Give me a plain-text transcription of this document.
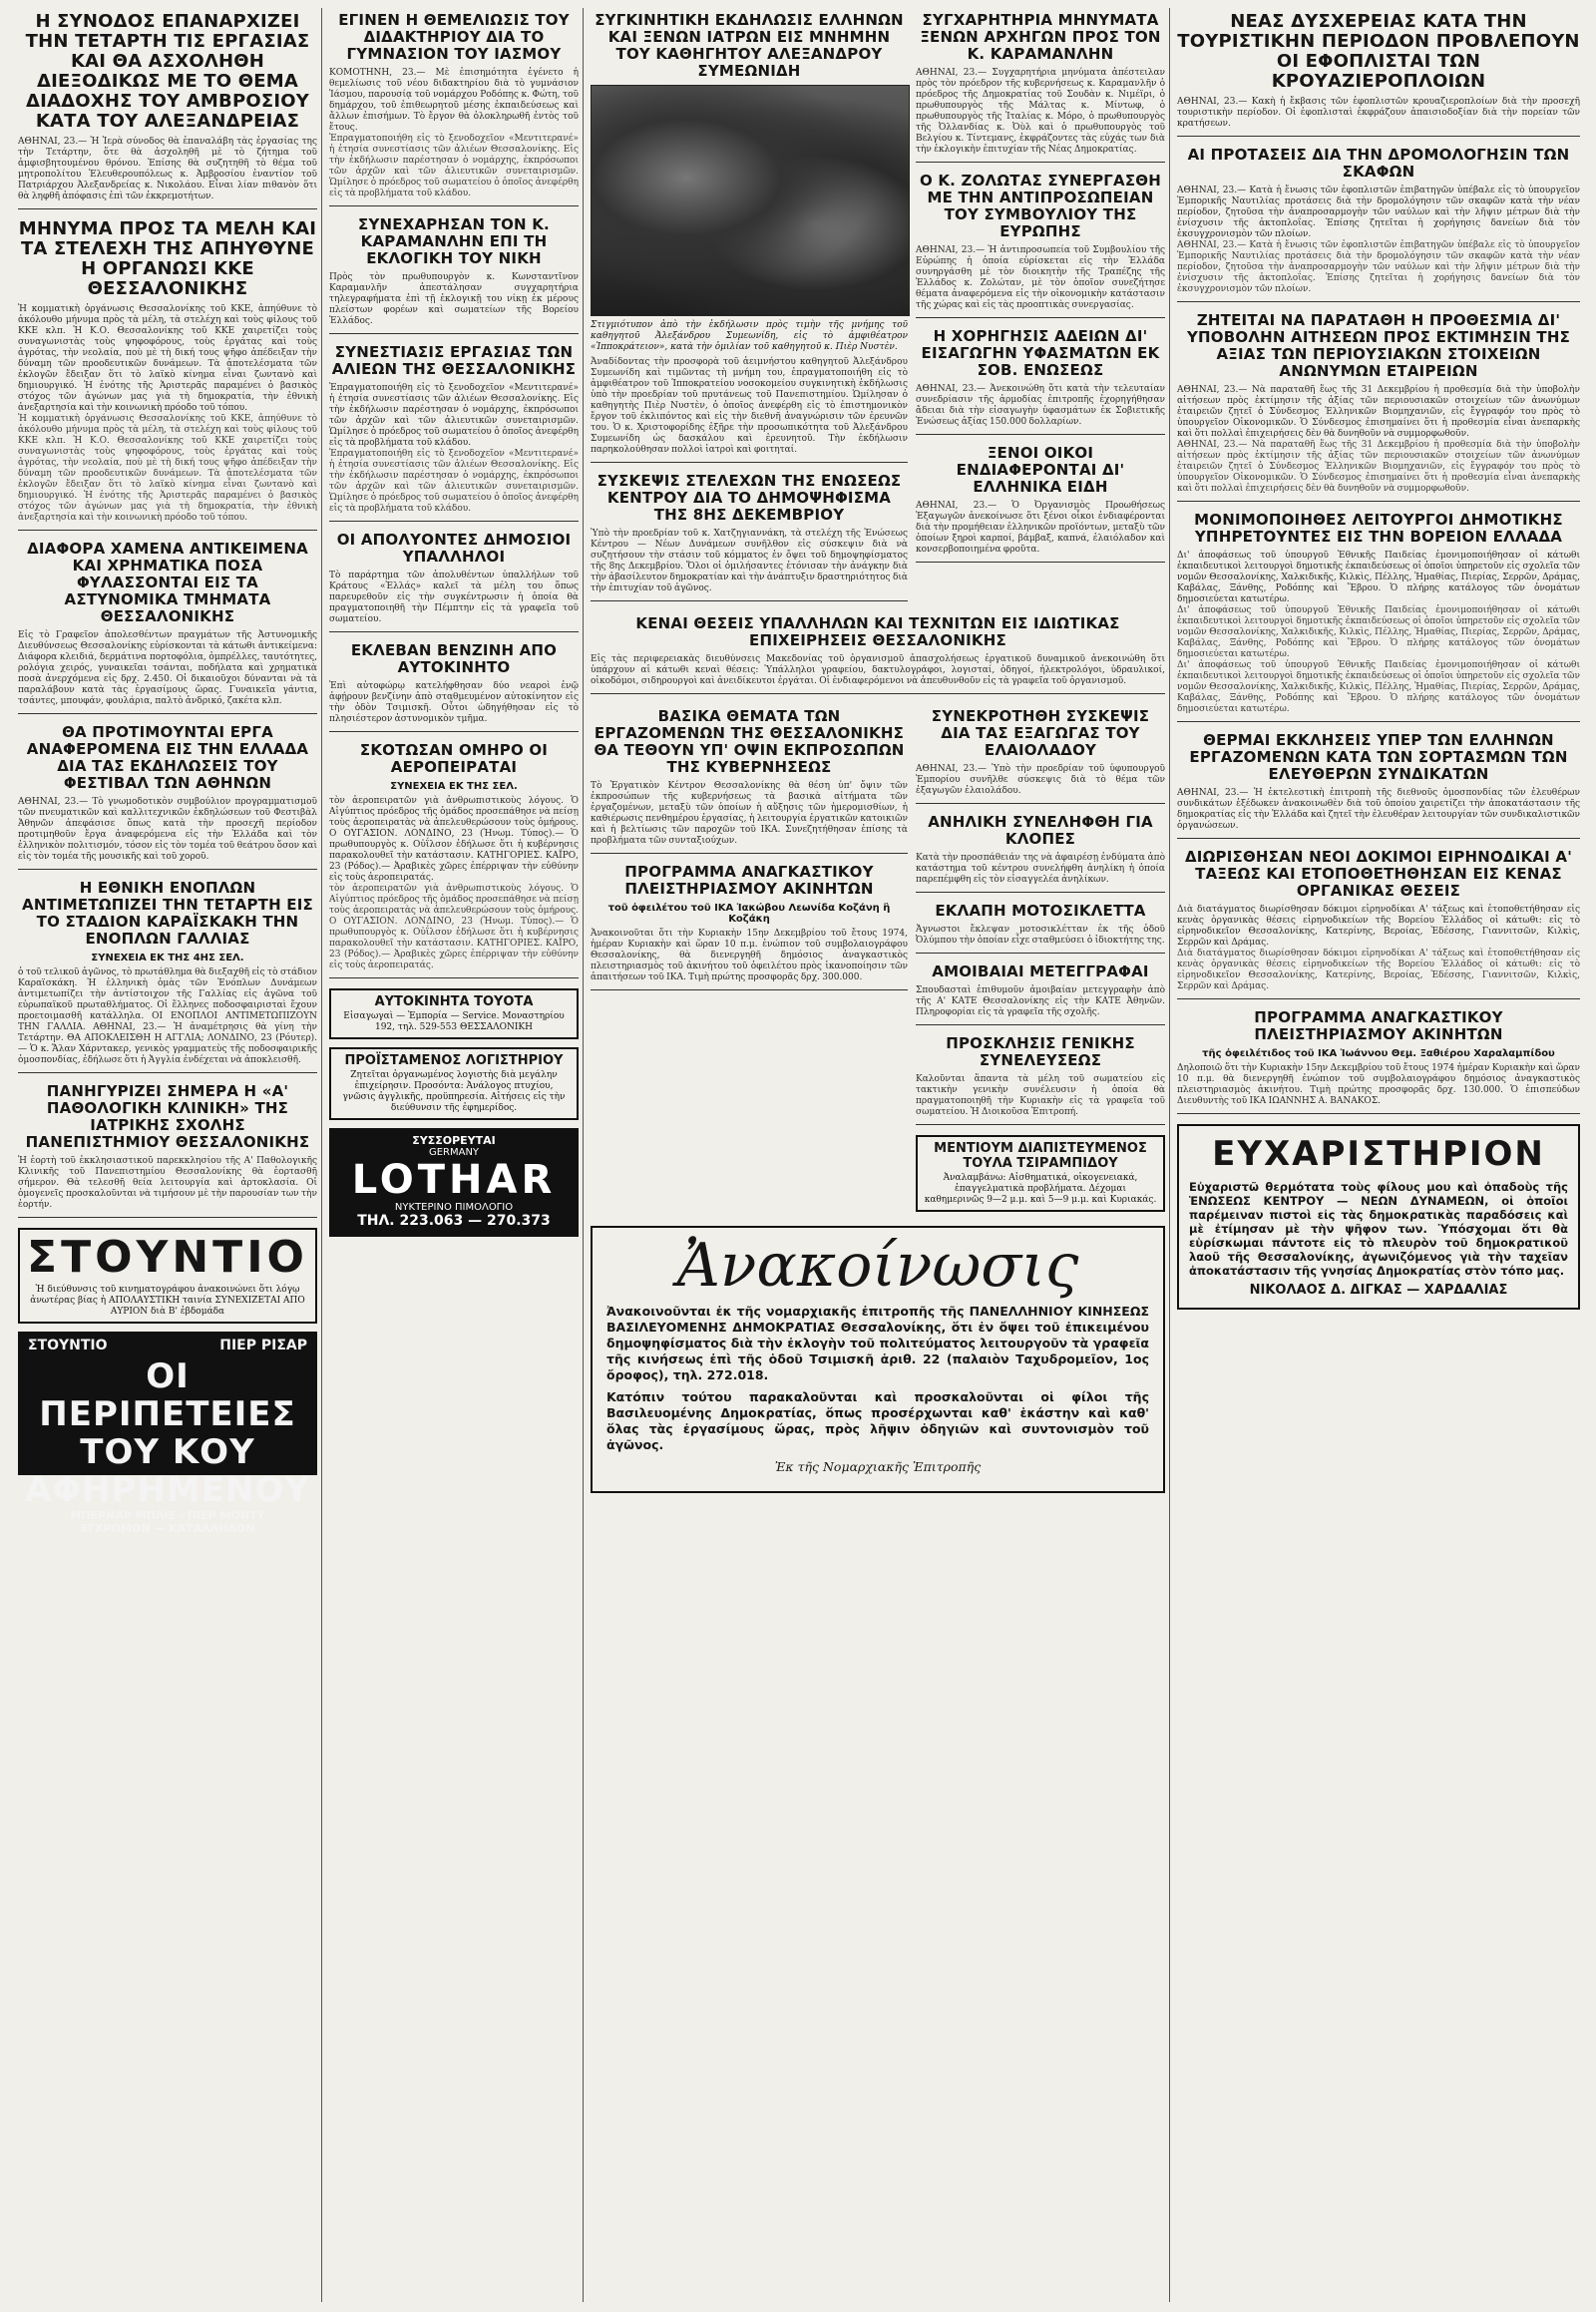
Η ΣΥΝΟΔΟΣ ΕΠΑΝΑΡΧΙΖΕΙ ΤΗΝ ΤΕΤΑΡΤΗ ΤΙΣ ΕΡΓΑΣΙΑΣ ΚΑΙ ΘΑ ΑΣΧΟΛΗΘΗ ΔΙΕΞΟΔΙΚΩΣ ΜΕ ΤΟ ΘΕΜΑ ΔΙΑΔΟΧΗΣ ΤΟΥ ΑΜΒΡΟΣΙΟΥ ΚΑΤΑ ΤΟΥ ΑΛΕΞΑΝΔΡΕΙΑΣ

ΑΘΗΝΑΙ, 23.— Ἡ Ἱερὰ σύνοδος θὰ ἐπαναλάβη τὰς ἐργασίας της τὴν Τετάρτην, ὅτε θὰ ἀσχοληθῆ μὲ τὸ ζήτημα τοῦ ἀμφισβητουμένου θρόνου. Ἐπίσης θὰ συζητηθῆ τὸ θέμα τοῦ μητροπολίτου Ἐλευθερουπόλεως κ. Ἀμβροσίου ἐναντίον τοῦ Πατριάρχου Ἀλεξανδρείας κ. Νικολάου. Εἶναι λίαν πιθανὸν ὅτι θὰ ληφθῆ ἀπόφασις ἐπὶ τῶν ἐκκρεμοτήτων.

ΜΗΝΥΜΑ ΠΡΟΣ ΤΑ ΜΕΛΗ ΚΑΙ ΤΑ ΣΤΕΛΕΧΗ ΤΗΣ ΑΠΗΥΘΥΝΕ Η ΟΡΓΑΝΩΣΙ ΚΚΕ ΘΕΣΣΑΛΟΝΙΚΗΣ

Ἡ κομματικὴ ὀργάνωσις Θεσσαλονίκης τοῦ ΚΚΕ, ἀπηύθυνε τὸ ἀκόλουθο μήνυμα πρὸς τὰ μέλη, τὰ στελέχη καὶ τοὺς φίλους τοῦ ΚΚΕ κλπ. Ἡ Κ.Ο. Θεσσαλονίκης τοῦ ΚΚΕ χαιρετίζει τοὺς συναγωνιστὰς τοὺς ψηφοφόρους, τοὺς ἐργάτας καὶ τοὺς ἀγρότας, τὴν νεολαία, ποὺ μὲ τὴ δική τους ψῆφο ἀπέδειξαν τὴν δύναμη τῶν προοδευτικῶν δυνάμεων. Τὰ ἀποτελέσματα τῶν ἐκλογῶν ἔδειξαν ὅτι τὸ λαϊκὸ κίνημα εἶναι ζωντανὸ καὶ δημιουργικό. Ἡ ἑνότης τῆς Ἀριστερᾶς παραμένει ὁ βασικὸς στόχος τῶν ἀγώνων μας γιὰ τὴ δημοκρατία, τὴν ἐθνικὴ ἀνεξαρτησία καὶ τὴν κοινωνικὴ πρόοδο τοῦ τόπου.

Ἡ κομματικὴ ὀργάνωσις Θεσσαλονίκης τοῦ ΚΚΕ, ἀπηύθυνε τὸ ἀκόλουθο μήνυμα πρὸς τὰ μέλη, τὰ στελέχη καὶ τοὺς φίλους τοῦ ΚΚΕ κλπ. Ἡ Κ.Ο. Θεσσαλονίκης τοῦ ΚΚΕ χαιρετίζει τοὺς συναγωνιστὰς τοὺς ψηφοφόρους, τοὺς ἐργάτας καὶ τοὺς ἀγρότας, τὴν νεολαία, ποὺ μὲ τὴ δική τους ψῆφο ἀπέδειξαν τὴν δύναμη τῶν προοδευτικῶν δυνάμεων. Τὰ ἀποτελέσματα τῶν ἐκλογῶν ἔδειξαν ὅτι τὸ λαϊκὸ κίνημα εἶναι ζωντανὸ καὶ δημιουργικό. Ἡ ἑνότης τῆς Ἀριστερᾶς παραμένει ὁ βασικὸς στόχος τῶν ἀγώνων μας γιὰ τὴ δημοκρατία, τὴν ἐθνικὴ ἀνεξαρτησία καὶ τὴν κοινωνικὴ πρόοδο τοῦ τόπου.

ΔΙΑΦΟΡΑ ΧΑΜΕΝΑ ΑΝΤΙΚΕΙΜΕΝΑ ΚΑΙ ΧΡΗΜΑΤΙΚΑ ΠΟΣΑ ΦΥΛΑΣΣΟΝΤΑΙ ΕΙΣ ΤΑ ΑΣΤΥΝΟΜΙΚΑ ΤΜΗΜΑΤΑ ΘΕΣΣΑΛΟΝΙΚΗΣ

Εἰς τὸ Γραφεῖον ἀπολεσθέντων πραγμάτων τῆς Ἀστυνομικῆς Διευθύνσεως Θεσσαλονίκης εὑρίσκονται τὰ κάτωθι ἀντικείμενα: Διάφορα κλειδιά, δερμάτινα πορτοφόλια, ὀμπρέλλες, ταυτότητες, ρολόγια χειρός, γυναικεῖαι τσάνται, ποδήλατα καὶ χρηματικὰ ποσὰ ἀνερχόμενα εἰς δρχ. 2.450. Οἱ δικαιοῦχοι δύνανται νὰ τὰ παραλάβουν κατὰ τὰς ἐργασίμους ὥρας. Γυναικεῖα γάντια, τσάντες, μπουφάν, φουλάρια, παλτὸ ἀνδρικό, ζακέτα κλπ.

ΘΑ ΠΡΟΤΙΜΟΥΝΤΑΙ ΕΡΓΑ ΑΝΑΦΕΡΟΜΕΝΑ ΕΙΣ ΤΗΝ ΕΛΛΑΔΑ ΔΙΑ ΤΑΣ ΕΚΔΗΛΩΣΕΙΣ ΤΟΥ ΦΕΣΤΙΒΑΛ ΤΩΝ ΑΘΗΝΩΝ

ΑΘΗΝΑΙ, 23.— Τὸ γνωμοδοτικὸν συμβούλιον προγραμματισμοῦ τῶν πνευματικῶν καὶ καλλιτεχνικῶν ἐκδηλώσεων τοῦ Φεστιβὰλ Ἀθηνῶν ἀπεφάσισε ὅπως κατὰ τὴν προσεχῆ περίοδον προτιμηθοῦν ἔργα ἀναφερόμενα εἰς τὴν Ἑλλάδα καὶ τὸν ἑλληνικὸν πολιτισμόν, τόσον εἰς τὸν τομέα τοῦ θεάτρου ὅσον καὶ εἰς τὸν τομέα τῆς μουσικῆς καὶ τοῦ χοροῦ.

Η ΕΘΝΙΚΗ ΕΝΟΠΛΩΝ ΑΝΤΙΜΕΤΩΠΙΖΕΙ ΤΗΝ ΤΕΤΑΡΤΗ ΕΙΣ ΤΟ ΣΤΑΔΙΟΝ ΚΑΡΑΪΣΚΑΚΗ ΤΗΝ ΕΝΟΠΛΩΝ ΓΑΛΛΙΑΣ
ΣΥΝΕΧΕΙΑ ΕΚ ΤΗΣ 4ΗΣ ΣΕΛ.

ὁ τοῦ τελικοῦ ἀγῶνος, τὸ πρωτάθλημα θὰ διεξαχθῆ εἰς τὸ στάδιον Καραϊσκάκη. Ἡ ἑλληνικὴ ὁμὰς τῶν Ἐνόπλων Δυνάμεων ἀντιμετωπίζει τὴν ἀντίστοιχον τῆς Γαλλίας εἰς ἀγῶνα τοῦ εὐρωπαϊκοῦ πρωταθλήματος. Οἱ ἕλληνες ποδοσφαιρισταὶ ἔχουν προετοιμασθῆ κατάλληλα. ΟΙ ΕΝΟΠΛΟΙ ΑΝΤΙΜΕΤΩΠΙΖΟΥΝ ΤΗΝ ΓΑΛΛΙΑ. ΑΘΗΝΑΙ, 23.— Ἡ ἀναμέτρησις θὰ γίνη τὴν Τετάρτην. ΘΑ ΑΠΟΚΛΕΙΣΘΗ Η ΑΓΓΛΙΑ; ΛΟΝΔΙΝΟ, 23 (Ρόυτερ).— Ὁ κ. Ἄλαν Χάρντακερ, γενικὸς γραμματεὺς τῆς ποδοσφαιρικῆς ὁμοσπονδίας, ἐδήλωσε ὅτι ἡ Ἀγγλία ἐνδέχεται νὰ ἀποκλεισθῆ.

ΠΑΝΗΓΥΡΙΖΕΙ ΣΗΜΕΡΑ Η «Α' ΠΑΘΟΛΟΓΙΚΗ ΚΛΙΝΙΚΗ» ΤΗΣ ΙΑΤΡΙΚΗΣ ΣΧΟΛΗΣ ΠΑΝΕΠΙΣΤΗΜΙΟΥ ΘΕΣΣΑΛΟΝΙΚΗΣ

Ἡ ἑορτὴ τοῦ ἐκκλησιαστικοῦ παρεκκλησίου τῆς Α' Παθολογικῆς Κλινικῆς τοῦ Πανεπιστημίου Θεσσαλονίκης θὰ ἑορτασθῆ σήμερον. Θὰ τελεσθῆ θεία λειτουργία καὶ ἀρτοκλασία. Οἱ ὁμογενεῖς προσκαλοῦνται νὰ τιμήσουν μὲ τὴν παρουσίαν των τὴν ἑορτήν.

ΣΤΟΥΝΤΙΟ
Ἡ διεύθυνσις τοῦ κινηματογράφου ἀνακοινώνει ὅτι λόγῳ ἀνωτέρας βίας ἡ ΑΠΟΛΑΥΣΤΙΚΗ ταινία ΣΥΝΕΧΙΖΕΤΑΙ ΑΠΟ ΑΥΡΙΟΝ διὰ Β' ἑβδομάδα
ΣΤΟΥΝΤΙΟ	ΠΙΕΡ ΡΙΣΑΡ
ΟΙ ΠΕΡΙΠΕΤΕΙΕΣ ΤΟΥ ΚΟΥ ΑΦΗΡΗΜΕΝΟΥ
ΜΠΕΡΝΑΡ ΜΠΛΙΕ · ΠΙΕΡ ΜΟΝΤΥ
ΕΓΧΡΩΜΟΝ — ΚΑΤΑΛΛΗΛΟΝ
ΕΓΙΝΕΝ Η ΘΕΜΕΛΙΩΣΙΣ ΤΟΥ ΔΙΔΑΚΤΗΡΙΟΥ ΔΙΑ ΤΟ ΓΥΜΝΑΣΙΟΝ ΤΟΥ ΙΑΣΜΟΥ

ΚΟΜΟΤΗΝΗ, 23.— Μὲ ἐπισημότητα ἐγένετο ἡ θεμελίωσις τοῦ νέου διδακτηρίου διὰ τὸ γυμνάσιον Ἰάσμου, παρουσίᾳ τοῦ νομάρχου Ροδόπης κ. Φώτη, τοῦ δημάρχου, τοῦ ἐπιθεωρητοῦ μέσης ἐκπαιδεύσεως καὶ ἄλλων ἐπισήμων. Τὸ ἔργον θὰ ὁλοκληρωθῆ ἐντὸς τοῦ ἔτους.

Ἐπραγματοποιήθη εἰς τὸ ξενοδοχεῖον «Μεντιτερανέ» ἡ ἐτησία συνεστίασις τῶν ἁλιέων Θεσσαλονίκης. Εἰς τὴν ἐκδήλωσιν παρέστησαν ὁ νομάρχης, ἐκπρόσωποι τῶν ἀρχῶν καὶ τῶν ἁλιευτικῶν συνεταιρισμῶν. Ὡμίλησε ὁ πρόεδρος τοῦ σωματείου ὁ ὁποῖος ἀνεφέρθη εἰς τὰ προβλήματα τοῦ κλάδου.

ΣΥΝΕΧΑΡΗΣΑΝ ΤΟΝ Κ. ΚΑΡΑΜΑΝΛΗΝ ΕΠΙ ΤΗ ΕΚΛΟΓΙΚΗ ΤΟΥ ΝΙΚΗ

Πρὸς τὸν πρωθυπουργὸν κ. Κωνσταντῖνον Καραμανλῆν ἀπεστάλησαν συγχαρητήρια τηλεγραφήματα ἐπὶ τῇ ἐκλογικῇ του νίκῃ ἐκ μέρους πλείστων φορέων καὶ σωματείων τῆς Βορείου Ἑλλάδος.

ΣΥΝΕΣΤΙΑΣΙΣ ΕΡΓΑΣΙΑΣ ΤΩΝ ΑΛΙΕΩΝ ΤΗΣ ΘΕΣΣΑΛΟΝΙΚΗΣ

Ἐπραγματοποιήθη εἰς τὸ ξενοδοχεῖον «Μεντιτερανέ» ἡ ἐτησία συνεστίασις τῶν ἁλιέων Θεσσαλονίκης. Εἰς τὴν ἐκδήλωσιν παρέστησαν ὁ νομάρχης, ἐκπρόσωποι τῶν ἀρχῶν καὶ τῶν ἁλιευτικῶν συνεταιρισμῶν. Ὡμίλησε ὁ πρόεδρος τοῦ σωματείου ὁ ὁποῖος ἀνεφέρθη εἰς τὰ προβλήματα τοῦ κλάδου.

Ἐπραγματοποιήθη εἰς τὸ ξενοδοχεῖον «Μεντιτερανέ» ἡ ἐτησία συνεστίασις τῶν ἁλιέων Θεσσαλονίκης. Εἰς τὴν ἐκδήλωσιν παρέστησαν ὁ νομάρχης, ἐκπρόσωποι τῶν ἀρχῶν καὶ τῶν ἁλιευτικῶν συνεταιρισμῶν. Ὡμίλησε ὁ πρόεδρος τοῦ σωματείου ὁ ὁποῖος ἀνεφέρθη εἰς τὰ προβλήματα τοῦ κλάδου.

ΟΙ ΑΠΟΛΥΟΝΤΕΣ ΔΗΜΟΣΙΟΙ ΥΠΑΛΛΗΛΟΙ

Τὸ παράρτημα τῶν ἀπολυθέντων ὑπαλλήλων τοῦ Κράτους «Ἑλλάς» καλεῖ τὰ μέλη του ὅπως παρευρεθοῦν εἰς τὴν συγκέντρωσιν ἡ ὁποία θὰ πραγματοποιηθῆ τὴν Πέμπτην εἰς τὰ γραφεῖα τοῦ σωματείου.

ΕΚΛΕΒΑΝ ΒΕΝΖΙΝΗ ΑΠΟ ΑΥΤΟΚΙΝΗΤΟ

Ἐπὶ αὐτοφώρῳ κατελήφθησαν δύο νεαροὶ ἐνῷ ἀφῄρουν βενζίνην ἀπὸ σταθμευμένον αὐτοκίνητον εἰς τὴν ὁδὸν Τσιμισκῆ. Οὗτοι ὡδηγήθησαν εἰς τὸ πλησιέστερον ἀστυνομικὸν τμῆμα.

ΣΚΟΤΩΣΑΝ ΟΜΗΡΟ ΟΙ ΑΕΡΟΠΕΙΡΑΤΑΙ
ΣΥΝΕΧΕΙΑ ΕΚ ΤΗΣ ΣΕΛ.

τὸν ἀεροπειρατῶν γιὰ ἀνθρωπιστικοὺς λόγους. Ὁ Αἰγύπτιος πρόεδρος τῆς ὁμάδος προσεπάθησε νὰ πείσῃ τοὺς ἀεροπειρατὰς νὰ ἀπελευθερώσουν τοὺς ὁμήρους. Ο ΟΥΓΑΣΙΟΝ. ΛΟΝΔΙΝΟ, 23 (Ἡνωμ. Τύπος).— Ὁ πρωθυπουργὸς κ. Οὐΐλσον ἐδήλωσε ὅτι ἡ κυβέρνησις παρακολουθεῖ τὴν κατάστασιν. ΚΑΤΗΓΟΡΙΕΣ. ΚΑΪΡΟ, 23 (Ρόδος).— Ἀραβικὲς χῶρες ἐπέρριψαν τὴν εὐθύνην εἰς τοὺς ἀεροπειρατάς.

τὸν ἀεροπειρατῶν γιὰ ἀνθρωπιστικοὺς λόγους. Ὁ Αἰγύπτιος πρόεδρος τῆς ὁμάδος προσεπάθησε νὰ πείσῃ τοὺς ἀεροπειρατὰς νὰ ἀπελευθερώσουν τοὺς ὁμήρους. Ο ΟΥΓΑΣΙΟΝ. ΛΟΝΔΙΝΟ, 23 (Ἡνωμ. Τύπος).— Ὁ πρωθυπουργὸς κ. Οὐΐλσον ἐδήλωσε ὅτι ἡ κυβέρνησις παρακολουθεῖ τὴν κατάστασιν. ΚΑΤΗΓΟΡΙΕΣ. ΚΑΪΡΟ, 23 (Ρόδος).— Ἀραβικὲς χῶρες ἐπέρριψαν τὴν εὐθύνην εἰς τοὺς ἀεροπειρατάς.

ΑΥΤΟΚΙΝΗΤΑ ΤΟΥΟΤΑ
Εἰσαγωγαὶ — Ἐμπορία — Service. Μοναστηρίου 192, τηλ. 529-553 ΘΕΣΣΑΛΟΝΙΚΗ
ΠΡΟΪΣΤΑΜΕΝΟΣ ΛΟΓΙΣΤΗΡΙΟΥ
Ζητεῖται ὀργανωμένος λογιστὴς διὰ μεγάλην ἐπιχείρησιν. Προσόντα: Ἀνάλογος πτυχίου, γνῶσις ἀγγλικῆς, προϋπηρεσία. Αἰτήσεις εἰς τὴν διεύθυνσιν τῆς ἐφημερίδος.
ΣΥΣΣΟΡΕΥΤΑΙ
GERMANY
LOTHAR
ΝΥΚΤΕΡΙΝΟ ΠΙΜΟΛΟΓΙΟ
ΤΗΛ. 223.063 — 270.373
ΣΥΓΚΙΝΗΤΙΚΗ ΕΚΔΗΛΩΣΙΣ ΕΛΛΗΝΩΝ ΚΑΙ ΞΕΝΩΝ ΙΑΤΡΩΝ ΕΙΣ ΜΝΗΜΗΝ ΤΟΥ ΚΑΘΗΓΗΤΟΥ ΑΛΕΞΑΝΔΡΟΥ ΣΥΜΕΩΝΙΔΗ

Στιγμιότυπον ἀπὸ τὴν ἐκδήλωσιν πρὸς τιμὴν τῆς μνήμης τοῦ καθηγητοῦ Ἀλεξάνδρου Συμεωνίδη, εἰς τὸ ἀμφιθέατρον «Ἱπποκράτειον», κατὰ τὴν ὁμιλίαν τοῦ καθηγητοῦ κ. Πιὲρ Νυστὲν.

Ἀναδίδοντας τὴν προσφορὰ τοῦ ἀειμνήστου καθηγητοῦ Ἀλεξάνδρου Συμεωνίδη καὶ τιμῶντας τὴ μνήμη του, ἐπραγματοποιήθη εἰς τὸ ἀμφιθέατρον τοῦ Ἱπποκρατείου νοσοκομείου συγκινητικὴ ἐκδήλωσις ὑπὸ τὴν προεδρίαν τοῦ πρυτάνεως τοῦ Πανεπιστημίου. Ὡμίλησαν ὁ καθηγητὴς Πιὲρ Νυστὲν, ὁ ὁποῖος ἀνεφέρθη εἰς τὸ ἐπιστημονικὸν ἔργον τοῦ ἐκλιπόντος καὶ εἰς τὴν διεθνῆ ἀναγνώρισιν τῶν ἐρευνῶν του. Ὁ κ. Χριστοφορίδης ἐξῆρε τὴν προσωπικότητα τοῦ Ἀλεξάνδρου Συμεωνίδη ὡς δασκάλου καὶ ἐρευνητοῦ. Τὴν ἐκδήλωσιν παρηκολούθησαν πολλοὶ ἰατροὶ καὶ φοιτηταί.

ΣΥΣΚΕΨΙΣ ΣΤΕΛΕΧΩΝ ΤΗΣ ΕΝΩΣΕΩΣ ΚΕΝΤΡΟΥ ΔΙΑ ΤΟ ΔΗΜΟΨΗΦΙΣΜΑ ΤΗΣ 8ΗΣ ΔΕΚΕΜΒΡΙΟΥ

Ὑπὸ τὴν προεδρίαν τοῦ κ. Χατζηγιαννάκη, τὰ στελέχη τῆς Ἑνώσεως Κέντρου — Νέων Δυνάμεων συνῆλθον εἰς σύσκεψιν διὰ νὰ συζητήσουν τὴν στάσιν τοῦ κόμματος ἐν ὄψει τοῦ δημοψηφίσματος τῆς 8ης Δεκεμβρίου. Ὅλοι οἱ ὁμιλήσαντες ἐτόνισαν τὴν ἀνάγκην διὰ τὴν ἀβασίλευτον δημοκρατίαν καὶ τὴν ἀνάπτυξιν δραστηριότητος διὰ τὴν ἐπιτυχίαν τοῦ ἀγῶνος.

ΣΥΓΧΑΡΗΤΗΡΙΑ ΜΗΝΥΜΑΤΑ ΞΕΝΩΝ ΑΡΧΗΓΩΝ ΠΡΟΣ ΤΟΝ Κ. ΚΑΡΑΜΑΝΛΗΝ

ΑΘΗΝΑΙ, 23.— Συγχαρητήρια μηνύματα ἀπέστειλαν πρὸς τὸν πρόεδρον τῆς κυβερνήσεως κ. Καραμανλῆν ὁ πρόεδρος τῆς Δημοκρατίας τοῦ Σουδὰν κ. Νιμέϊρι, ὁ πρωθυπουργὸς τῆς Μάλτας κ. Μίντωφ, ὁ πρωθυπουργὸς τῆς Ἰταλίας κ. Μόρο, ὁ πρωθυπουργὸς τῆς Ὀλλανδίας κ. Ὀὺλ καὶ ὁ πρωθυπουργὸς τοῦ Βελγίου κ. Τίντεμανς, ἐκφράζοντες τὰς εὐχάς των διὰ τὴν ἐκλογικὴν ἐπιτυχίαν τῆς Νέας Δημοκρατίας.

Ο Κ. ΖΟΛΩΤΑΣ ΣΥΝΕΡΓΑΣΘΗ ΜΕ ΤΗΝ ΑΝΤΙΠΡΟΣΩΠΕΙΑΝ ΤΟΥ ΣΥΜΒΟΥΛΙΟΥ ΤΗΣ ΕΥΡΩΠΗΣ

ΑΘΗΝΑΙ, 23.— Ἡ ἀντιπροσωπεία τοῦ Συμβουλίου τῆς Εὐρώπης ἡ ὁποία εὑρίσκεται εἰς τὴν Ἑλλάδα συνηργάσθη μὲ τὸν διοικητὴν τῆς Τραπέζης τῆς Ἑλλάδος κ. Ζολώταν, μὲ τὸν ὁποῖον συνεζήτησε θέματα ἀναφερόμενα εἰς τὴν οἰκονομικὴν κατάστασιν τῆς χώρας καὶ εἰς τὰς προοπτικὰς συνεργασίας.

Η ΧΟΡΗΓΗΣΙΣ ΑΔΕΙΩΝ ΔΙ' ΕΙΣΑΓΩΓΗΝ ΥΦΑΣΜΑΤΩΝ ΕΚ ΣΟΒ. ΕΝΩΣΕΩΣ

ΑΘΗΝΑΙ, 23.— Ἀνεκοινώθη ὅτι κατὰ τὴν τελευταίαν συνεδρίασιν τῆς ἁρμοδίας ἐπιτροπῆς ἐχορηγήθησαν ἄδειαι διὰ τὴν εἰσαγωγὴν ὑφασμάτων ἐκ Σοβιετικῆς Ἑνώσεως ἀξίας 150.000 δολλαρίων.

ΞΕΝΟΙ ΟΙΚΟΙ ΕΝΔΙΑΦΕΡΟΝΤΑΙ ΔΙ' ΕΛΛΗΝΙΚΑ ΕΙΔΗ

ΑΘΗΝΑΙ, 23.— Ὁ Ὀργανισμὸς Προωθήσεως Ἐξαγωγῶν ἀνεκοίνωσε ὅτι ξένοι οἶκοι ἐνδιαφέρονται διὰ τὴν προμήθειαν ἑλληνικῶν προϊόντων, μεταξὺ τῶν ὁποίων ξηροὶ καρποί, βάμβαξ, καπνά, ἐλαιόλαδον καὶ κονσερβοποιημένα φροῦτα.

ΚΕΝΑΙ ΘΕΣΕΙΣ ΥΠΑΛΛΗΛΩΝ ΚΑΙ ΤΕΧΝΙΤΩΝ ΕΙΣ ΙΔΙΩΤΙΚΑΣ ΕΠΙΧΕΙΡΗΣΕΙΣ ΘΕΣΣΑΛΟΝΙΚΗΣ

Εἰς τὰς περιφερειακὰς διευθύνσεις Μακεδονίας τοῦ ὀργανισμοῦ ἀπασχολήσεως ἐργατικοῦ δυναμικοῦ ἀνεκοινώθη ὅτι ὑπάρχουν αἱ κάτωθι κεναὶ θέσεις: Ὑπάλληλοι γραφείου, δακτυλογράφοι, λογισταί, ὀδηγοί, ἠλεκτρολόγοι, ὑδραυλικοί, οἰκοδόμοι, σιδηρουργοὶ καὶ ἀνειδίκευτοι ἐργάται. Οἱ ἐνδιαφερόμενοι νὰ ἀπευθυνθοῦν εἰς τὰ γραφεῖα τοῦ ὀργανισμοῦ.

ΒΑΣΙΚΑ ΘΕΜΑΤΑ ΤΩΝ ΕΡΓΑΖΟΜΕΝΩΝ ΤΗΣ ΘΕΣΣΑΛΟΝΙΚΗΣ ΘΑ ΤΕΘΟΥΝ ΥΠ' ΟΨΙΝ ΕΚΠΡΟΣΩΠΩΝ ΤΗΣ ΚΥΒΕΡΝΗΣΕΩΣ

Τὸ Ἐργατικὸν Κέντρον Θεσσαλονίκης θὰ θέση ὑπ' ὄψιν τῶν ἐκπροσώπων τῆς κυβερνήσεως τὰ βασικὰ αἰτήματα τῶν ἐργαζομένων, μεταξὺ τῶν ὁποίων ἡ αὔξησις τῶν ἡμερομισθίων, ἡ καθιέρωσις πενθημέρου ἐργασίας, ἡ λειτουργία ἐργατικῶν κατοικιῶν καὶ ἡ βελτίωσις τῶν παροχῶν τοῦ ΙΚΑ. Συνεζητήθησαν ἐπίσης τὰ προβλήματα τῶν συνταξιούχων.

ΠΡΟΓΡΑΜΜΑ ΑΝΑΓΚΑΣΤΙΚΟΥ ΠΛΕΙΣΤΗΡΙΑΣΜΟΥ ΑΚΙΝΗΤΩΝ
τοῦ ὀφειλέτου τοῦ ΙΚΑ Ἰακώβου Λεωνίδα Κοζάνη ἢ Κοζάκη

Ἀνακοινοῦται ὅτι τὴν Κυριακὴν 15ην Δεκεμβρίου τοῦ ἔτους 1974, ἡμέραν Κυριακὴν καὶ ὥραν 10 π.μ. ἐνώπιον τοῦ συμβολαιογράφου Θεσσαλονίκης, θὰ διενεργηθῆ δημόσιος ἀναγκαστικὸς πλειστηριασμὸς τοῦ ἀκινήτου τοῦ ὀφειλέτου πρὸς ἱκανοποίησιν τῶν ἀπαιτήσεων τοῦ ΙΚΑ. Τιμὴ πρώτης προσφορᾶς δρχ. 300.000.

ΣΥΝΕΚΡΟΤΗΘΗ ΣΥΣΚΕΨΙΣ ΔΙΑ ΤΑΣ ΕΞΑΓΩΓΑΣ ΤΟΥ ΕΛΑΙΟΛΑΔΟΥ

ΑΘΗΝΑΙ, 23.— Ὑπὸ τὴν προεδρίαν τοῦ ὑφυπουργοῦ Ἐμπορίου συνῆλθε σύσκεψις διὰ τὸ θέμα τῶν ἐξαγωγῶν ἐλαιολάδου.

ΑΝΗΛΙΚΗ ΣΥΝΕΛΗΦΘΗ ΓΙΑ ΚΛΟΠΕΣ

Κατὰ τὴν προσπάθειάν της νὰ ἀφαιρέσῃ ἐνδύματα ἀπὸ κατάστημα τοῦ κέντρου συνελήφθη ἀνηλίκη ἡ ὁποία παρεπέμφθη εἰς τὸν εἰσαγγελέα ἀνηλίκων.

ΕΚΛΑΠΗ ΜΟΤΟΣΙΚΛΕΤΤΑ

Ἀγνωστοι ἔκλεψαν μοτοσικλέτταν ἐκ τῆς ὁδοῦ Ὀλύμπου τὴν ὁποίαν εἶχε σταθμεύσει ὁ ἰδιοκτήτης της.

ΑΜΟΙΒΑΙΑΙ ΜΕΤΕΓΓΡΑΦΑΙ

Σπουδασταὶ ἐπιθυμοῦν ἀμοιβαίαν μετεγγραφὴν ἀπὸ τῆς Α' ΚΑΤΕ Θεσσαλονίκης εἰς τὴν ΚΑΤΕ Ἀθηνῶν. Πληροφορίαι εἰς τὰ γραφεῖα τῆς σχολῆς.

ΠΡΟΣΚΛΗΣΙΣ ΓΕΝΙΚΗΣ ΣΥΝΕΛΕΥΣΕΩΣ

Καλοῦνται ἅπαντα τὰ μέλη τοῦ σωματείου εἰς τακτικὴν γενικὴν συνέλευσιν ἡ ὁποία θὰ πραγματοποιηθῆ τὴν Κυριακὴν εἰς τὰ γραφεῖα τοῦ σωματείου. Ἡ Διοικοῦσα Ἐπιτροπή.

ΜΕΝΤΙΟΥΜ ΔΙΑΠΙΣΤΕΥΜΕΝΟΣ ΤΟΥΛΑ ΤΣΙΡΑΜΠΙΔΟΥ
Ἀναλαμβάνω: Αἰσθηματικά, οἰκογενειακά, ἐπαγγελματικὰ προβλήματα. Δέχομαι καθημερινῶς 9—2 μ.μ. καὶ 5—9 μ.μ. καὶ Κυριακάς.
Ἀνακοίνωσις

Ἀνακοινοῦνται ἐκ τῆς νομαρχιακῆς ἐπιτροπῆς τῆς ΠΑΝΕΛΛΗΝΙΟΥ ΚΙΝΗΣΕΩΣ ΒΑΣΙΛΕΥΟΜΕΝΗΣ ΔΗΜΟΚΡΑΤΙΑΣ Θεσσαλονίκης, ὅτι ἐν ὄψει τοῦ ἐπικειμένου δημοψηφίσματος διὰ τὴν ἐκλογὴν τοῦ πολιτεύματος λειτουργοῦν τὰ γραφεῖα τῆς κινήσεως ἐπὶ τῆς ὁδοῦ Τσιμισκῆ ἀριθ. 22 (παλαιὸν Ταχυδρομεῖον, 1ος ὄροφος), τηλ. 272.018.

Κατόπιν τούτου παρακαλοῦνται καὶ προσκαλοῦνται οἱ φίλοι τῆς Βασιλευομένης Δημοκρατίας, ὅπως προσέρχωνται καθ' ἑκάστην καὶ καθ' ὅλας τὰς ἐργασίμους ὥρας, πρὸς λῆψιν ὁδηγιῶν καὶ συντονισμὸν τοῦ ἀγῶνος.

Ἐκ τῆς Νομαρχιακῆς Ἐπιτροπῆς

ΝΕΑΣ ΔΥΣΧΕΡΕΙΑΣ ΚΑΤΑ ΤΗΝ ΤΟΥΡΙΣΤΙΚΗΝ ΠΕΡΙΟΔΟΝ ΠΡΟΒΛΕΠΟΥΝ ΟΙ ΕΦΟΠΛΙΣΤΑΙ ΤΩΝ ΚΡΟΥΑΖΙΕΡΟΠΛΟΙΩΝ

ΑΘΗΝΑΙ, 23.— Κακὴ ἡ ἔκβασις τῶν ἐφοπλιστῶν κρουαζιεροπλοίων διὰ τὴν προσεχῆ τουριστικὴν περίοδον. Οἱ ἐφοπλισταὶ ἐκφράζουν ἀπαισιοδοξίαν διὰ τὴν πορείαν τῶν κρατήσεων.

ΑΙ ΠΡΟΤΑΣΕΙΣ ΔΙΑ ΤΗΝ ΔΡΟΜΟΛΟΓΗΣΙΝ ΤΩΝ ΣΚΑΦΩΝ

ΑΘΗΝΑΙ, 23.— Κατὰ ἡ ἔνωσις τῶν ἐφοπλιστῶν ἐπιβατηγῶν ὑπέβαλε εἰς τὸ ὑπουργεῖον Ἐμπορικῆς Ναυτιλίας προτάσεις διὰ τὴν δρομολόγησιν τῶν σκαφῶν κατὰ τὴν νέαν περίοδον, ζητοῦσα τὴν ἀναπροσαρμογὴν τῶν ναύλων καὶ τὴν λῆψιν μέτρων διὰ τὴν ἐνίσχυσιν τῆς ἀκτοπλοΐας. Ἐπίσης ζητεῖται ἡ χορήγησις δανείων διὰ τὸν ἐκσυγχρονισμὸν τῶν πλοίων.

ΑΘΗΝΑΙ, 23.— Κατὰ ἡ ἔνωσις τῶν ἐφοπλιστῶν ἐπιβατηγῶν ὑπέβαλε εἰς τὸ ὑπουργεῖον Ἐμπορικῆς Ναυτιλίας προτάσεις διὰ τὴν δρομολόγησιν τῶν σκαφῶν κατὰ τὴν νέαν περίοδον, ζητοῦσα τὴν ἀναπροσαρμογὴν τῶν ναύλων καὶ τὴν λῆψιν μέτρων διὰ τὴν ἐνίσχυσιν τῆς ἀκτοπλοΐας. Ἐπίσης ζητεῖται ἡ χορήγησις δανείων διὰ τὸν ἐκσυγχρονισμὸν τῶν πλοίων.

ΖΗΤΕΙΤΑΙ ΝΑ ΠΑΡΑΤΑΘΗ Η ΠΡΟΘΕΣΜΙΑ ΔΙ' ΥΠΟΒΟΛΗΝ ΑΙΤΗΣΕΩΝ ΠΡΟΣ ΕΚΤΙΜΗΣΙΝ ΤΗΣ ΑΞΙΑΣ ΤΩΝ ΠΕΡΙΟΥΣΙΑΚΩΝ ΣΤΟΙΧΕΙΩΝ ΑΝΩΝΥΜΩΝ ΕΤΑΙΡΕΙΩΝ

ΑΘΗΝΑΙ, 23.— Νὰ παραταθῆ ἕως τῆς 31 Δεκεμβρίου ἡ προθεσμία διὰ τὴν ὑποβολὴν αἰτήσεων πρὸς ἐκτίμησιν τῆς ἀξίας τῶν περιουσιακῶν στοιχείων τῶν ἀνωνύμων ἑταιρειῶν ζητεῖ ὁ Σύνδεσμος Ἑλληνικῶν Βιομηχανιῶν, εἰς ἔγγραφόν του πρὸς τὸ ὑπουργεῖον Οἰκονομικῶν. Ὁ Σύνδεσμος ἐπισημαίνει ὅτι ἡ προθεσμία εἶναι ἀνεπαρκὴς καὶ ὅτι πολλαὶ ἐπιχειρήσεις δὲν θὰ δυνηθοῦν νὰ συμμορφωθοῦν.

ΑΘΗΝΑΙ, 23.— Νὰ παραταθῆ ἕως τῆς 31 Δεκεμβρίου ἡ προθεσμία διὰ τὴν ὑποβολὴν αἰτήσεων πρὸς ἐκτίμησιν τῆς ἀξίας τῶν περιουσιακῶν στοιχείων τῶν ἀνωνύμων ἑταιρειῶν ζητεῖ ὁ Σύνδεσμος Ἑλληνικῶν Βιομηχανιῶν, εἰς ἔγγραφόν του πρὸς τὸ ὑπουργεῖον Οἰκονομικῶν. Ὁ Σύνδεσμος ἐπισημαίνει ὅτι ἡ προθεσμία εἶναι ἀνεπαρκὴς καὶ ὅτι πολλαὶ ἐπιχειρήσεις δὲν θὰ δυνηθοῦν νὰ συμμορφωθοῦν.

ΜΟΝΙΜΟΠΟΙΗΘΕΣ ΛΕΙΤΟΥΡΓΟΙ ΔΗΜΟΤΙΚΗΣ ΥΠΗΡΕΤΟΥΝΤΕΣ ΕΙΣ ΤΗΝ ΒΟΡΕΙΟΝ ΕΛΛΑΔΑ

Δι' ἀποφάσεως τοῦ ὑπουργοῦ Ἐθνικῆς Παιδείας ἐμονιμοποιήθησαν οἱ κάτωθι ἐκπαιδευτικοὶ λειτουργοὶ δημοτικῆς ἐκπαιδεύσεως οἱ ὁποῖοι ὑπηρετοῦν εἰς σχολεῖα τῶν νομῶν Θεσσαλονίκης, Χαλκιδικῆς, Κιλκὶς, Πέλλης, Ἠμαθίας, Πιερίας, Σερρῶν, Δράμας, Καβάλας, Ξάνθης, Ροδόπης καὶ Ἕβρου. Ὁ πλήρης κατάλογος τῶν ὀνομάτων δημοσιεύεται κατωτέρω.

Δι' ἀποφάσεως τοῦ ὑπουργοῦ Ἐθνικῆς Παιδείας ἐμονιμοποιήθησαν οἱ κάτωθι ἐκπαιδευτικοὶ λειτουργοὶ δημοτικῆς ἐκπαιδεύσεως οἱ ὁποῖοι ὑπηρετοῦν εἰς σχολεῖα τῶν νομῶν Θεσσαλονίκης, Χαλκιδικῆς, Κιλκὶς, Πέλλης, Ἠμαθίας, Πιερίας, Σερρῶν, Δράμας, Καβάλας, Ξάνθης, Ροδόπης καὶ Ἕβρου. Ὁ πλήρης κατάλογος τῶν ὀνομάτων δημοσιεύεται κατωτέρω.

Δι' ἀποφάσεως τοῦ ὑπουργοῦ Ἐθνικῆς Παιδείας ἐμονιμοποιήθησαν οἱ κάτωθι ἐκπαιδευτικοὶ λειτουργοὶ δημοτικῆς ἐκπαιδεύσεως οἱ ὁποῖοι ὑπηρετοῦν εἰς σχολεῖα τῶν νομῶν Θεσσαλονίκης, Χαλκιδικῆς, Κιλκὶς, Πέλλης, Ἠμαθίας, Πιερίας, Σερρῶν, Δράμας, Καβάλας, Ξάνθης, Ροδόπης καὶ Ἕβρου. Ὁ πλήρης κατάλογος τῶν ὀνομάτων δημοσιεύεται κατωτέρω.

ΘΕΡΜΑΙ ΕΚΚΛΗΣΕΙΣ ΥΠΕΡ ΤΩΝ ΕΛΛΗΝΩΝ ΕΡΓΑΖΟΜΕΝΩΝ ΚΑΤΑ ΤΩΝ ΣΟΡΤΑΣΜΩΝ ΤΩΝ ΕΛΕΥΘΕΡΩΝ ΣΥΝΔΙΚΑΤΩΝ

ΑΘΗΝΑΙ, 23.— Ἡ ἐκτελεστικὴ ἐπιτροπὴ τῆς διεθνοῦς ὁμοσπονδίας τῶν ἐλευθέρων συνδικάτων ἐξέδωκεν ἀνακοινωθὲν διὰ τοῦ ὁποίου χαιρετίζει τὴν ἀποκατάστασιν τῆς δημοκρατίας εἰς τὴν Ἑλλάδα καὶ ζητεῖ τὴν ἐλευθέραν λειτουργίαν τῶν συνδικαλιστικῶν ὀργανώσεων.

ΔΙΩΡΙΣΘΗΣΑΝ ΝΕΟΙ ΔΟΚΙΜΟΙ ΕΙΡΗΝΟΔΙΚΑΙ Α' ΤΑΞΕΩΣ ΚΑΙ ΕΤΟΠΟΘΕΤΗΘΗΣΑΝ ΕΙΣ ΚΕΝΑΣ ΟΡΓΑΝΙΚΑΣ ΘΕΣΕΙΣ

Διὰ διατάγματος διωρίσθησαν δόκιμοι εἰρηνοδίκαι Α' τάξεως καὶ ἐτοποθετήθησαν εἰς κενὰς ὀργανικὰς θέσεις εἰρηνοδικείων τῆς Βορείου Ἑλλάδος οἱ κάτωθι: εἰς τὸ εἰρηνοδικεῖον Θεσσαλονίκης, Κατερίνης, Βεροίας, Ἐδέσσης, Γιαννιτσῶν, Κιλκὶς, Σερρῶν καὶ Δράμας.

Διὰ διατάγματος διωρίσθησαν δόκιμοι εἰρηνοδίκαι Α' τάξεως καὶ ἐτοποθετήθησαν εἰς κενὰς ὀργανικὰς θέσεις εἰρηνοδικείων τῆς Βορείου Ἑλλάδος οἱ κάτωθι: εἰς τὸ εἰρηνοδικεῖον Θεσσαλονίκης, Κατερίνης, Βεροίας, Ἐδέσσης, Γιαννιτσῶν, Κιλκὶς, Σερρῶν καὶ Δράμας.

ΠΡΟΓΡΑΜΜΑ ΑΝΑΓΚΑΣΤΙΚΟΥ ΠΛΕΙΣΤΗΡΙΑΣΜΟΥ ΑΚΙΝΗΤΩΝ
τῆς ὀφειλέτιδος τοῦ ΙΚΑ Ἰωάννου Θεμ. Ξαθιέρου Χαραλαμπίδου

Δηλοποιῶ ὅτι τὴν Κυριακὴν 15ην Δεκεμβρίου τοῦ ἔτους 1974 ἡμέραν Κυριακὴν καὶ ὥραν 10 π.μ. θὰ διενεργηθῆ ἐνώπιον τοῦ συμβολαιογράφου δημόσιος ἀναγκαστικὸς πλειστηριασμὸς ἀκινήτου. Τιμὴ πρώτης προσφορᾶς δρχ. 130.000. Ὁ ἐπισπεύδων Διευθυντὴς τοῦ ΙΚΑ ΙΩΑΝΝΗΣ Α. ΒΑΝΑΚΟΣ.

ΕΥΧΑΡΙΣΤΗΡΙΟΝ

Εὐχαριστῶ θερμότατα τοὺς φίλους μου καὶ ὀπαδοὺς τῆς ἙΝΩΣΕΩΣ ΚΕΝΤΡΟΥ — ΝΕΩΝ ΔΥΝΑΜΕΩΝ, οἱ ὁποῖοι παρέμειναν πιστοὶ εἰς τὰς δημοκρατικὰς παραδόσεις καὶ μὲ ἐτίμησαν μὲ τὴν ψῆφον των. Ὑπόσχομαι ὅτι θὰ εὑρίσκωμαι πάντοτε εἰς τὸ πλευρὸν τοῦ δημοκρατικοῦ λαοῦ τῆς Θεσσαλονίκης, ἀγωνιζόμενος γιὰ τὴν ταχεῖαν ἀποκατάστασιν τῆς γνησίας Δημοκρατίας στὸν τόπο μας.

ΝΙΚΟΛΑΟΣ Δ. ΔΙΓΚΑΣ — ΧΑΡΔΑΛΙΑΣ
